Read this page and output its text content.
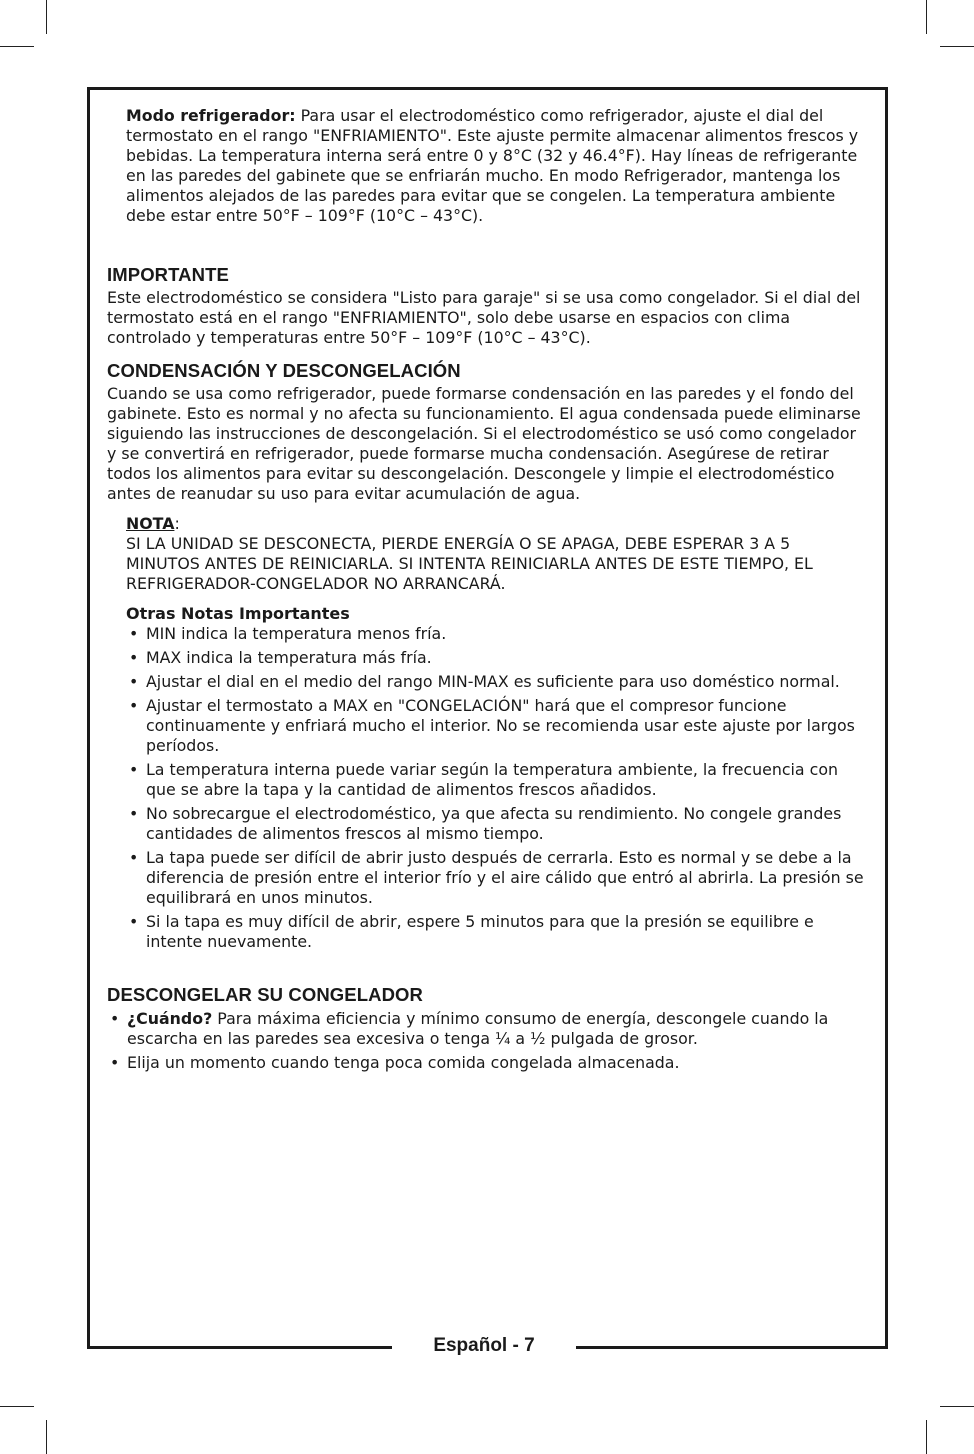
Español - 7

Modo refrigerador: Para usar el electrodoméstico como refrigerador, ajuste el dial del termostato en el rango "ENFRIAMIENTO". Este ajuste permite almacenar alimentos frescos y bebidas. La temperatura interna será entre 0 y 8°C (32 y 46.4°F). Hay líneas de refrigerante en las paredes del gabinete que se enfriarán mucho. En modo Refrigerador, mantenga los alimentos alejados de las paredes para evitar que se congelen. La temperatura ambiente debe estar entre 50°F – 109°F (10°C – 43°C).

IMPORTANTE

Este electrodoméstico se considera "Listo para garaje" si se usa como congelador. Si el dial del termostato está en el rango "ENFRIAMIENTO", solo debe usarse en espacios con clima controlado y temperaturas entre 50°F – 109°F (10°C – 43°C).

CONDENSACIÓN Y DESCONGELACIÓN

Cuando se usa como refrigerador, puede formarse condensación en las paredes y el fondo del gabinete. Esto es normal y no afecta su funcionamiento. El agua condensada puede eliminarse siguiendo las instrucciones de descongelación. Si el electrodoméstico se usó como congelador y se convertirá en refrigerador, puede formarse mucha condensación. Asegúrese de retirar todos los alimentos para evitar su descongelación. Descongele y limpie el electrodoméstico antes de reanudar su uso para evitar acumulación de agua.

NOTA:
SI LA UNIDAD SE DESCONECTA, PIERDE ENERGÍA O SE APAGA, DEBE ESPERAR 3 A 5 MINUTOS ANTES DE REINICIARLA. SI INTENTA REINICIARLA ANTES DE ESTE TIEMPO, EL REFRIGERADOR-CONGELADOR NO ARRANCARÁ.

Otras Notas Importantes

• MIN indica la temperatura menos fría.
• MAX indica la temperatura más fría.
• Ajustar el dial en el medio del rango MIN-MAX es suficiente para uso doméstico normal.
• Ajustar el termostato a MAX en "CONGELACIÓN" hará que el compresor funcione continuamente y enfriará mucho el interior. No se recomienda usar este ajuste por largos períodos.
• La temperatura interna puede variar según la temperatura ambiente, la frecuencia con que se abre la tapa y la cantidad de alimentos frescos añadidos.
• No sobrecargue el electrodoméstico, ya que afecta su rendimiento. No congele grandes cantidades de alimentos frescos al mismo tiempo.
• La tapa puede ser difícil de abrir justo después de cerrarla. Esto es normal y se debe a la diferencia de presión entre el interior frío y el aire cálido que entró al abrirla. La presión se equilibrará en unos minutos.
• Si la tapa es muy difícil de abrir, espere 5 minutos para que la presión se equilibre e intente nuevamente.
DESCONGELAR SU CONGELADOR
• ¿Cuándo? Para máxima eficiencia y mínimo consumo de energía, descongele cuando la escarcha en las paredes sea excesiva o tenga ¼ a ½ pulgada de grosor.
• Elija un momento cuando tenga poca comida congelada almacenada.
